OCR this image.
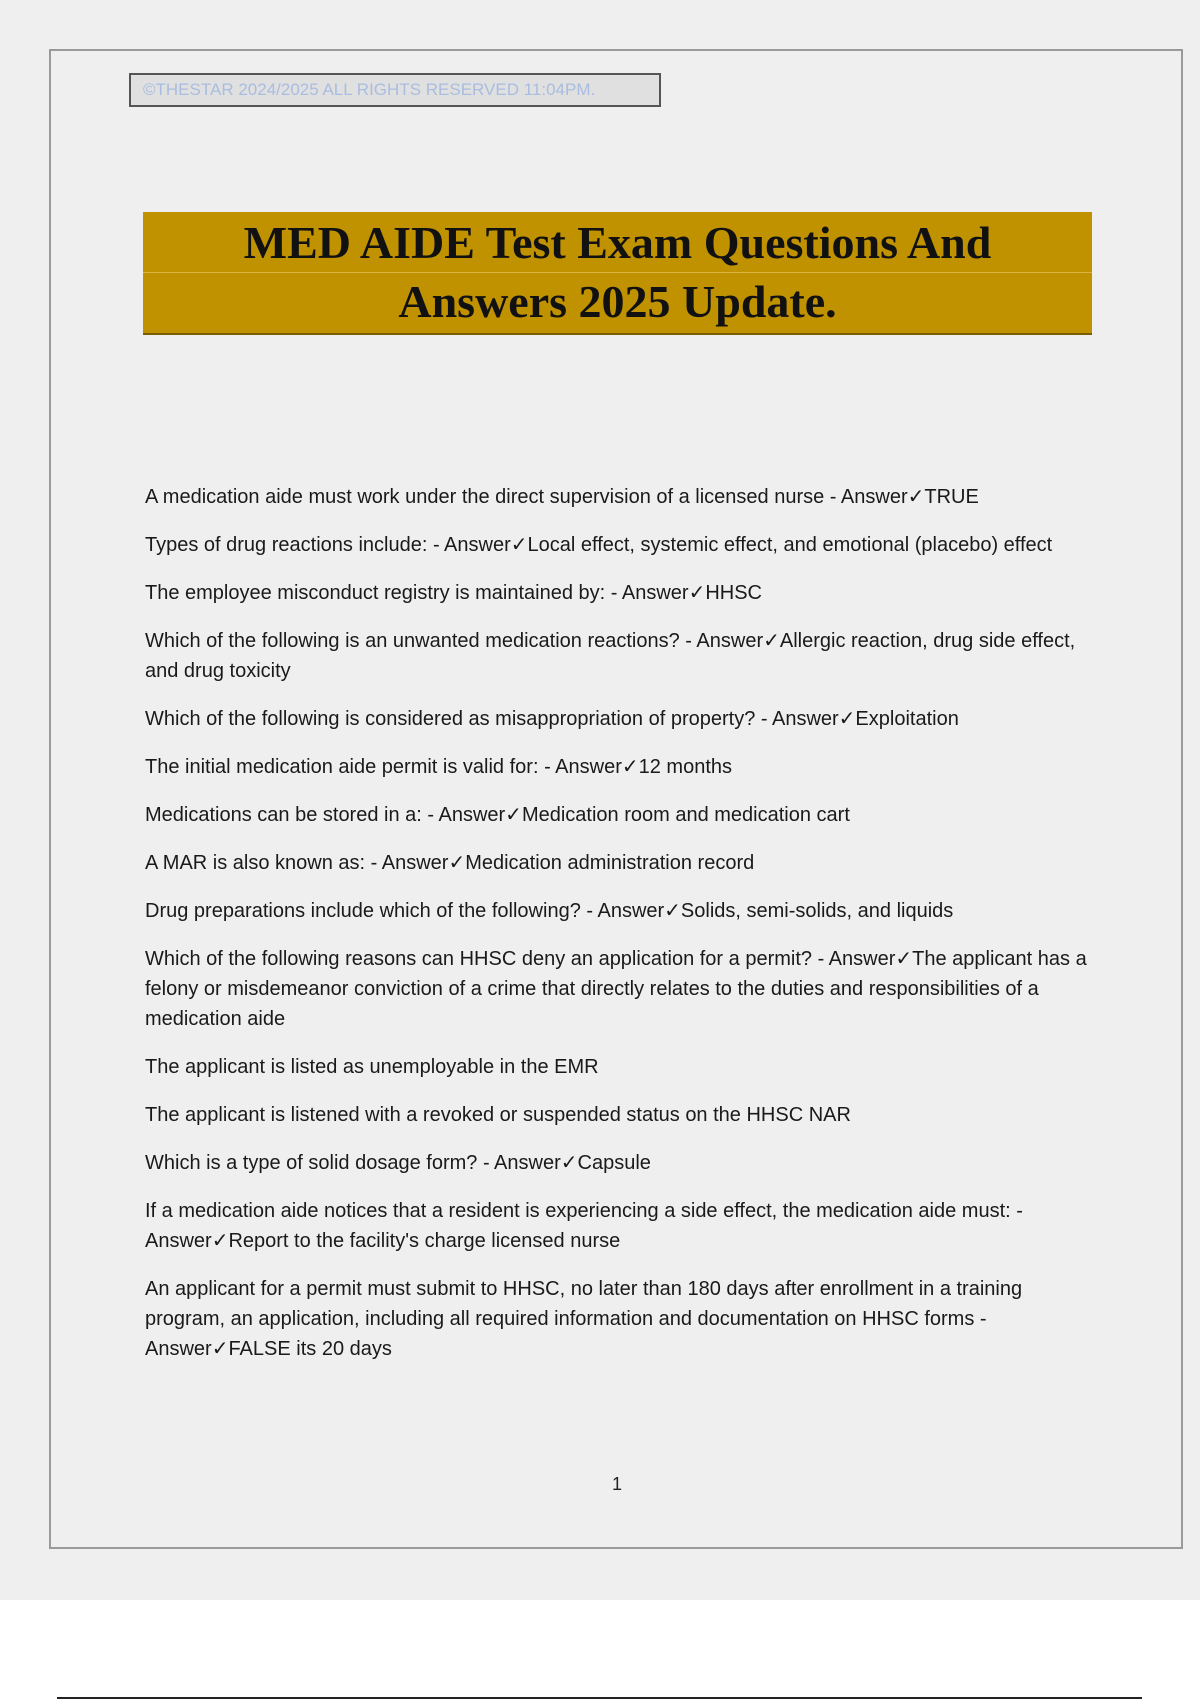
©THESTAR 2024/2025 ALL RIGHTS RESERVED 11:04PM.
MED AIDE Test Exam Questions And
Answers 2025 Update.
A medication aide must work under the direct supervision of a licensed nurse - Answer✓TRUE
Types of drug reactions include: - Answer✓Local effect, systemic effect, and emotional (placebo) effect
The employee misconduct registry is maintained by: - Answer✓HHSC
Which of the following is an unwanted medication reactions? - Answer✓Allergic reaction, drug side effect, and drug toxicity
Which of the following is considered as misappropriation of property? - Answer✓Exploitation
The initial medication aide permit is valid for: - Answer✓12 months
Medications can be stored in a: - Answer✓Medication room and medication cart
A MAR is also known as: - Answer✓Medication administration record
Drug preparations include which of the following? - Answer✓Solids, semi-solids, and liquids
Which of the following reasons can HHSC deny an application for a permit? - Answer✓The applicant has a felony or misdemeanor conviction of a crime that directly relates to the duties and responsibilities of a medication aide
The applicant is listed as unemployable in the EMR
The applicant is listened with a revoked or suspended status on the HHSC NAR
Which is a type of solid dosage form? - Answer✓Capsule
If a medication aide notices that a resident is experiencing a side effect, the medication aide must: - Answer✓Report to the facility's charge licensed nurse
An applicant for a permit must submit to HHSC, no later than 180 days after enrollment in a training program, an application, including all required information and documentation on HHSC forms - Answer✓FALSE its 20 days
1
